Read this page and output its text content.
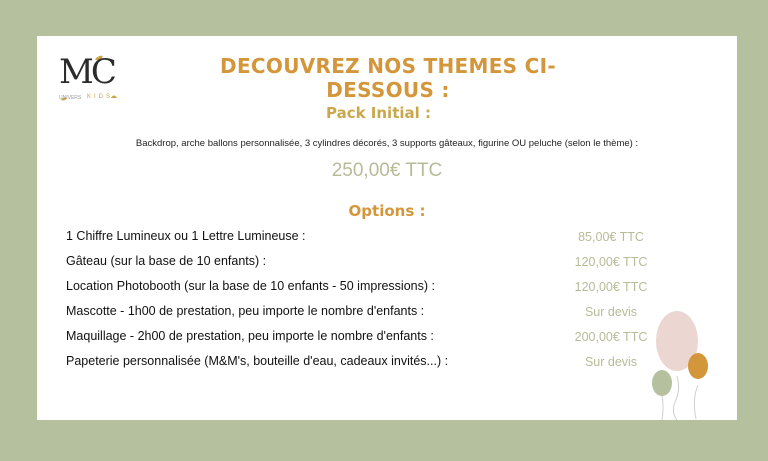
MC
UNIVERS KIDS
DECOUVREZ NOS THEMES CI-DESSOUS :
Pack Initial :
Backdrop, arche ballons personnalisée, 3 cylindres décorés, 3 supports gâteaux, figurine OU peluche (selon le thème) :
250,00€ TTC
Options :
1 Chiffre Lumineux ou 1 Lettre Lumineuse :	85,00€ TTC
Gâteau (sur la base de 10 enfants) :	120,00€ TTC
Location Photobooth (sur la base de 10 enfants - 50 impressions) :	120,00€ TTC
Mascotte - 1h00 de prestation, peu importe le nombre d'enfants :	Sur devis
Maquillage - 2h00 de prestation, peu importe le nombre d'enfants :	200,00€ TTC
Papeterie personnalisée (M&M's, bouteille d'eau, cadeaux invités...) :	Sur devis
